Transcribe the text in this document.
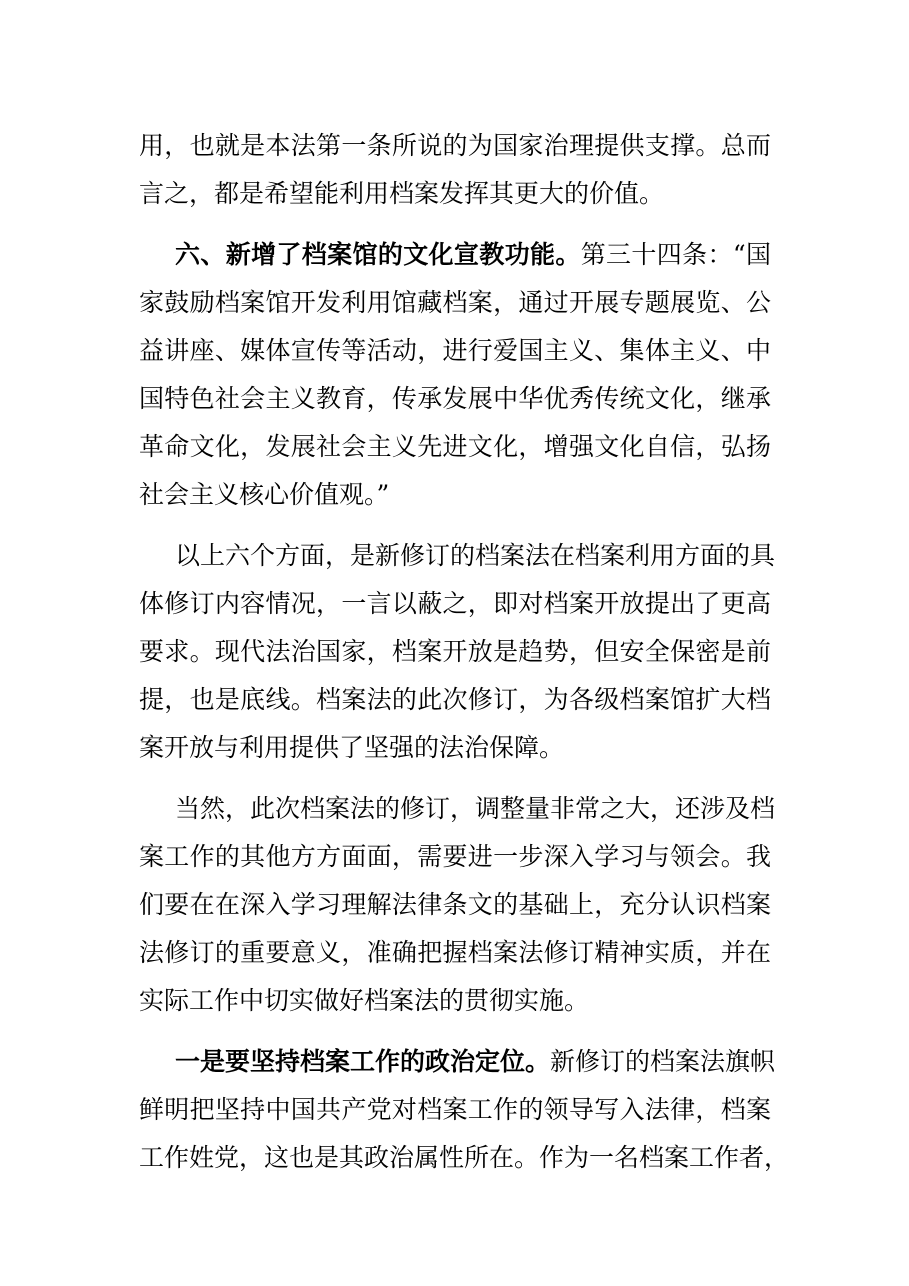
用，也就是本法第一条所说的为国家治理提供支撑。总而
言之，都是希望能利用档案发挥其更大的价值。
六、新增了档案馆的文化宣教功能。第三十四条：“国
家鼓励档案馆开发利用馆藏档案，通过开展专题展览、公
益讲座、媒体宣传等活动，进行爱国主义、集体主义、中
国特色社会主义教育，传承发展中华优秀传统文化，继承
革命文化，发展社会主义先进文化，增强文化自信，弘扬
社会主义核心价值观。”
以上六个方面，是新修订的档案法在档案利用方面的具
体修订内容情况，一言以蔽之，即对档案开放提出了更高
要求。现代法治国家，档案开放是趋势，但安全保密是前
提，也是底线。档案法的此次修订，为各级档案馆扩大档
案开放与利用提供了坚强的法治保障。
当然，此次档案法的修订，调整量非常之大，还涉及档
案工作的其他方方面面，需要进一步深入学习与领会。我
们要在在深入学习理解法律条文的基础上，充分认识档案
法修订的重要意义，准确把握档案法修订精神实质，并在
实际工作中切实做好档案法的贯彻实施。
一是要坚持档案工作的政治定位。新修订的档案法旗帜
鲜明把坚持中国共产党对档案工作的领导写入法律，档案
工作姓党，这也是其政治属性所在。作为一名档案工作者，
